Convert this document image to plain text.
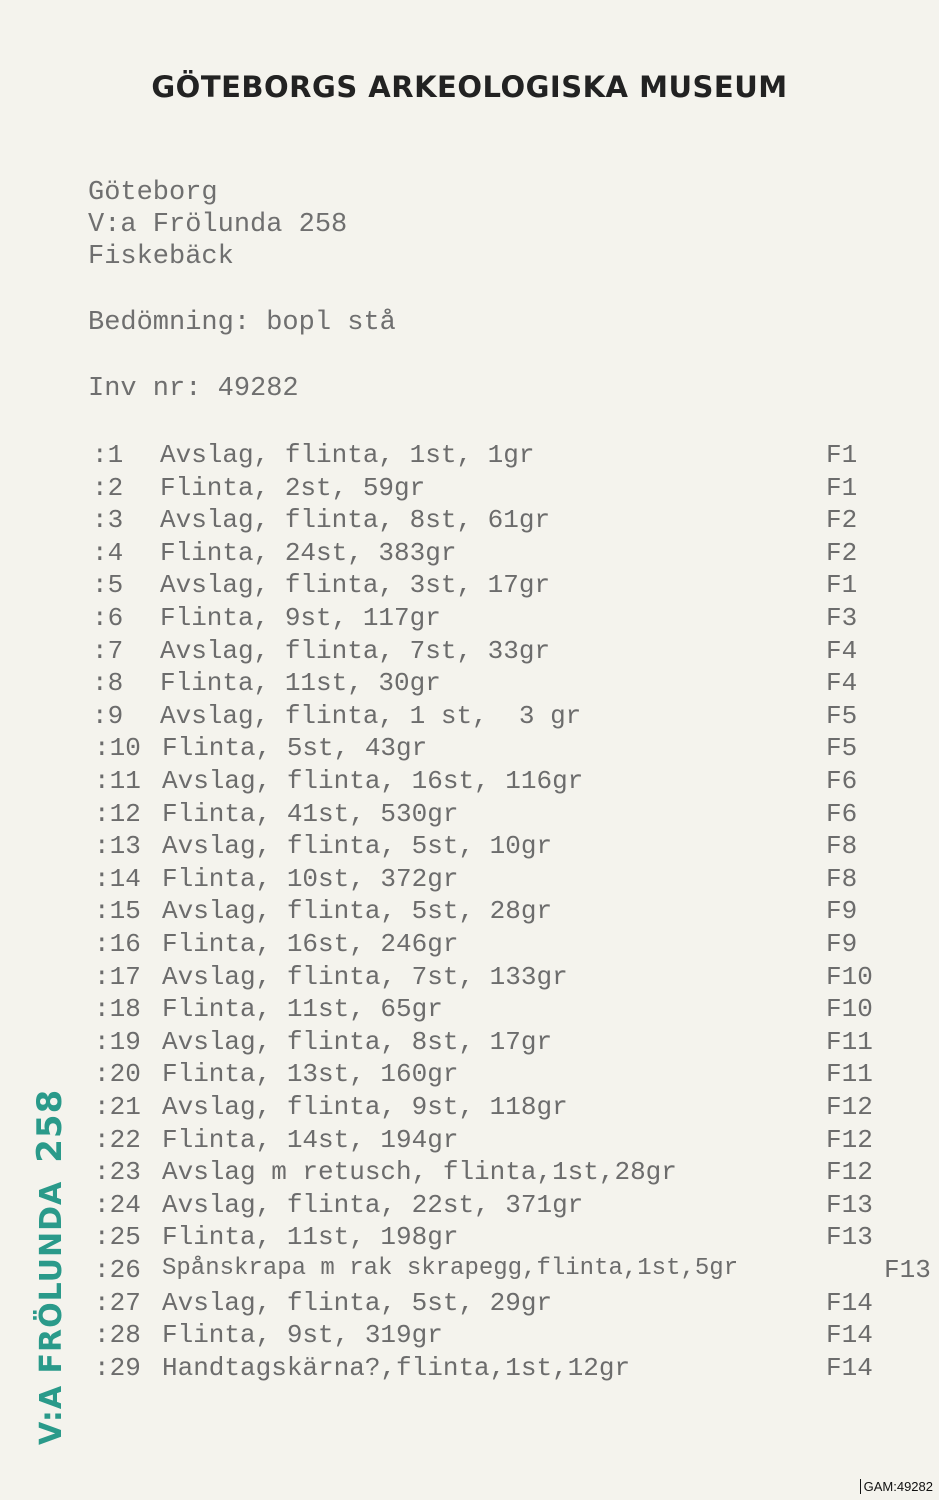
GÖTEBORGS ARKEOLOGISKA MUSEUM
Göteborg
V:a Frölunda 258
Fiskebäck
Bedömning: bopl stå
Inv nr: 49282
:1 Avslag, flinta, 1st, 1gr	F1
:2 Flinta, 2st, 59gr	F1
:3 Avslag, flinta, 8st, 61gr	F2
:4 Flinta, 24st, 383gr	F2
:5 Avslag, flinta, 3st, 17gr	F1
:6 Flinta, 9st, 117gr	F3
:7 Avslag, flinta, 7st, 33gr	F4
:8 Flinta, 11st, 30gr	F4
:9 Avslag, flinta, 1 st,  3 gr	F5
:10 Flinta, 5st, 43gr	F5
:11 Avslag, flinta, 16st, 116gr	F6
:12 Flinta, 41st, 530gr	F6
:13 Avslag, flinta, 5st, 10gr	F8
:14 Flinta, 10st, 372gr	F8
:15 Avslag, flinta, 5st, 28gr	F9
:16 Flinta, 16st, 246gr	F9
:17 Avslag, flinta, 7st, 133gr	F10
:18 Flinta, 11st, 65gr	F10
:19 Avslag, flinta, 8st, 17gr	F11
:20 Flinta, 13st, 160gr	F11
:21 Avslag, flinta, 9st, 118gr	F12
:22 Flinta, 14st, 194gr	F12
:23 Avslag m retusch, flinta,1st,28gr	F12
:24 Avslag, flinta, 22st, 371gr	F13
:25 Flinta, 11st, 198gr	F13
:26 Spånskrapa m rak skrapegg,flinta,1st,5gr	F13
:27 Avslag, flinta, 5st, 29gr	F14
:28 Flinta, 9st, 319gr	F14
:29 Handtagskärna?,flinta,1st,12gr	F14
V:A FRÖLUNDA258
GAM:49282
